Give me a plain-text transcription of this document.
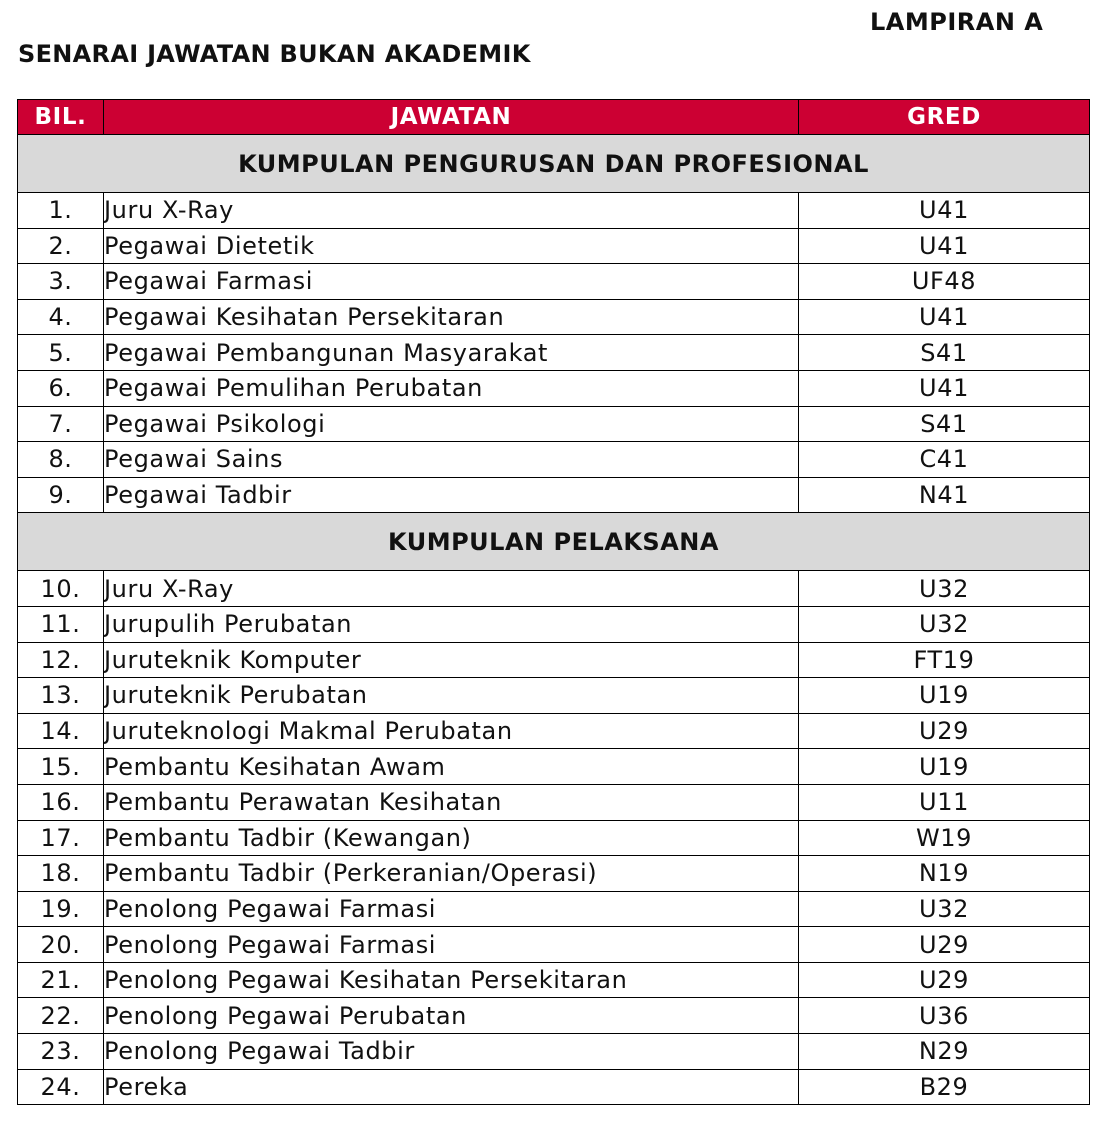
LAMPIRAN A
SENARAI JAWATAN BUKAN AKADEMIK
BIL.	JAWATAN	GRED
KUMPULAN PENGURUSAN DAN PROFESIONAL		
1.	Juru X-Ray	U41
2.	Pegawai Dietetik	U41
3.	Pegawai Farmasi	UF48
4.	Pegawai Kesihatan Persekitaran	U41
5.	Pegawai Pembangunan Masyarakat	S41
6.	Pegawai Pemulihan Perubatan	U41
7.	Pegawai Psikologi	S41
8.	Pegawai Sains	C41
9.	Pegawai Tadbir	N41
KUMPULAN PELAKSANA		
10.	Juru X-Ray	U32
11.	Jurupulih Perubatan	U32
12.	Juruteknik Komputer	FT19
13.	Juruteknik Perubatan	U19
14.	Juruteknologi Makmal Perubatan	U29
15.	Pembantu Kesihatan Awam	U19
16.	Pembantu Perawatan Kesihatan	U11
17.	Pembantu Tadbir (Kewangan)	W19
18.	Pembantu Tadbir (Perkeranian/Operasi)	N19
19.	Penolong Pegawai Farmasi	U32
20.	Penolong Pegawai Farmasi	U29
21.	Penolong Pegawai Kesihatan Persekitaran	U29
22.	Penolong Pegawai Perubatan	U36
23.	Penolong Pegawai Tadbir	N29
24.	Pereka	B29
